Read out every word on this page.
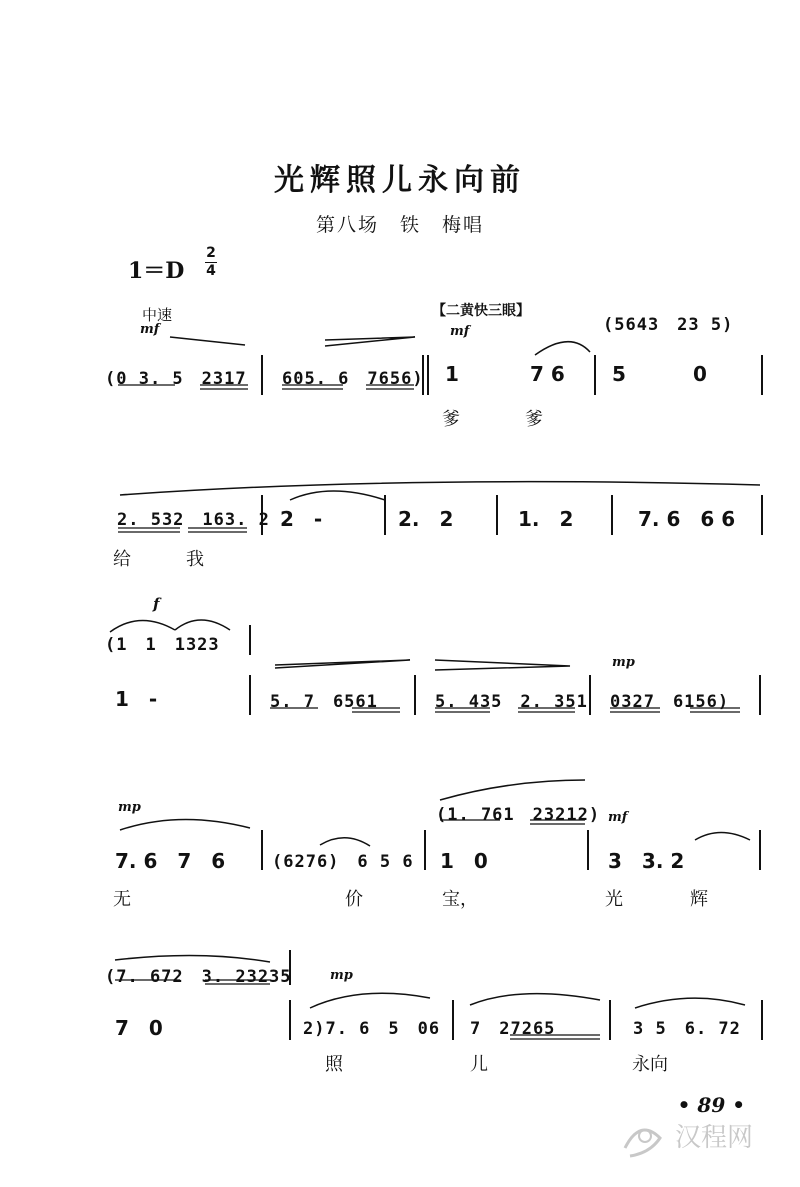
光辉照儿永向前
第八场　铁　梅唱
1＝D
2
4
中速
mf
【二黄快三眼】
mf	(5643　23 5)
(0 3. 5　2317 605. 6　7656) 1	7 6 5	0
爹	爹
2. 532　163. 2 2　-	2.　2	1.　2	7. 6　6 6
给	我
f
(1　1　1323
mp
1　-	5. 7　6561	5. 435　2. 351 0327　6156)
mp	(1. 761　23212) mf
7. 6　7　6	(6276)　6 5 6 1　0	3　3. 2
无	价	宝，	光	辉
(7. 672　3. 23235	mp
7　0	2)7. 6　5　06 7　27265	3 5　6. 72
照	儿	永向
• 89 •
汉程网
